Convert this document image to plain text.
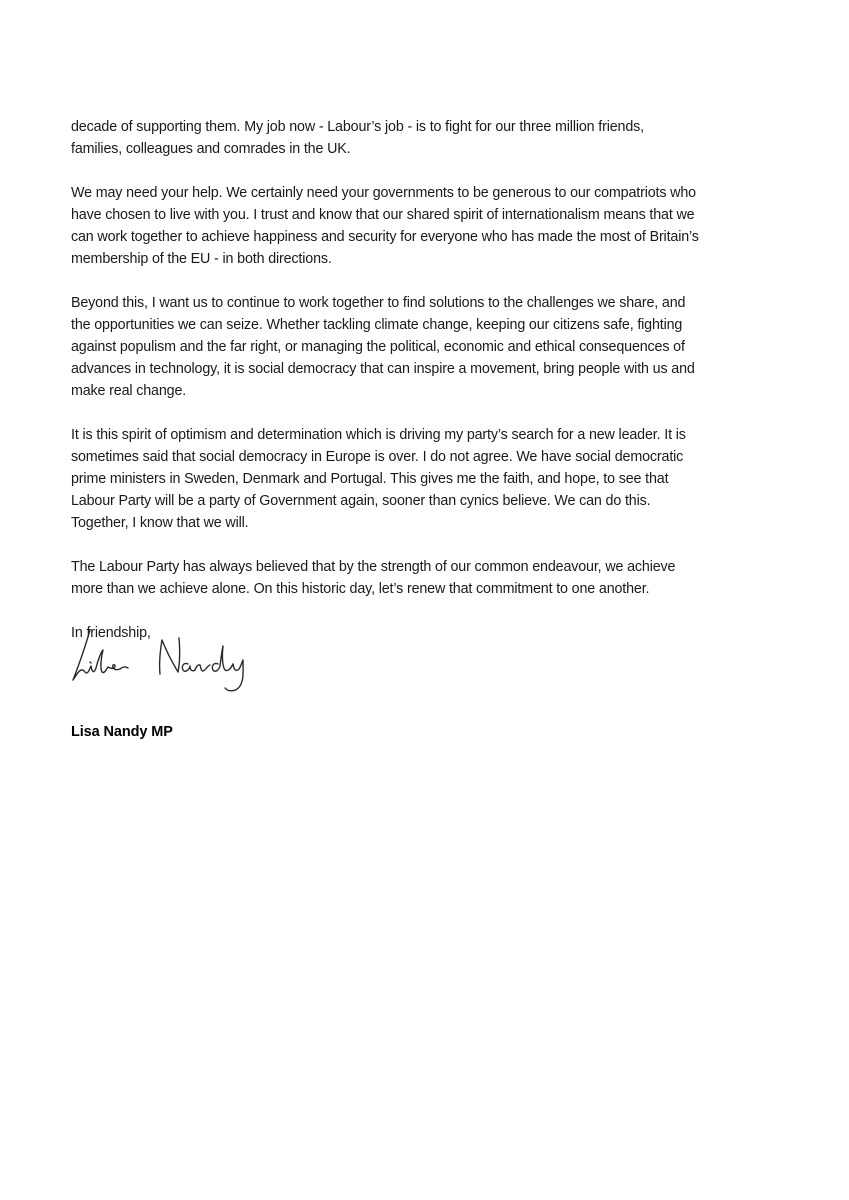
decade of supporting them. My job now - Labour’s job - is to fight for our three million friends,
families, colleagues and comrades in the UK.

We may need your help. We certainly need your governments to be generous to our compatriots who
have chosen to live with you. I trust and know that our shared spirit of internationalism means that we
can work together to achieve happiness and security for everyone who has made the most of Britain’s
membership of the EU - in both directions.

Beyond this, I want us to continue to work together to find solutions to the challenges we share, and
the opportunities we can seize. Whether tackling climate change, keeping our citizens safe, fighting
against populism and the far right, or managing the political, economic and ethical consequences of
advances in technology, it is social democracy that can inspire a movement, bring people with us and
make real change.

It is this spirit of optimism and determination which is driving my party’s search for a new leader. It is
sometimes said that social democracy in Europe is over. I do not agree. We have social democratic
prime ministers in Sweden, Denmark and Portugal. This gives me the faith, and hope, to see that
Labour Party will be a party of Government again, sooner than cynics believe. We can do this.
Together, I know that we will.

The Labour Party has always believed that by the strength of our common endeavour, we achieve
more than we achieve alone. On this historic day, let’s renew that commitment to one another.

In friendship,

Lisa Nandy MP
